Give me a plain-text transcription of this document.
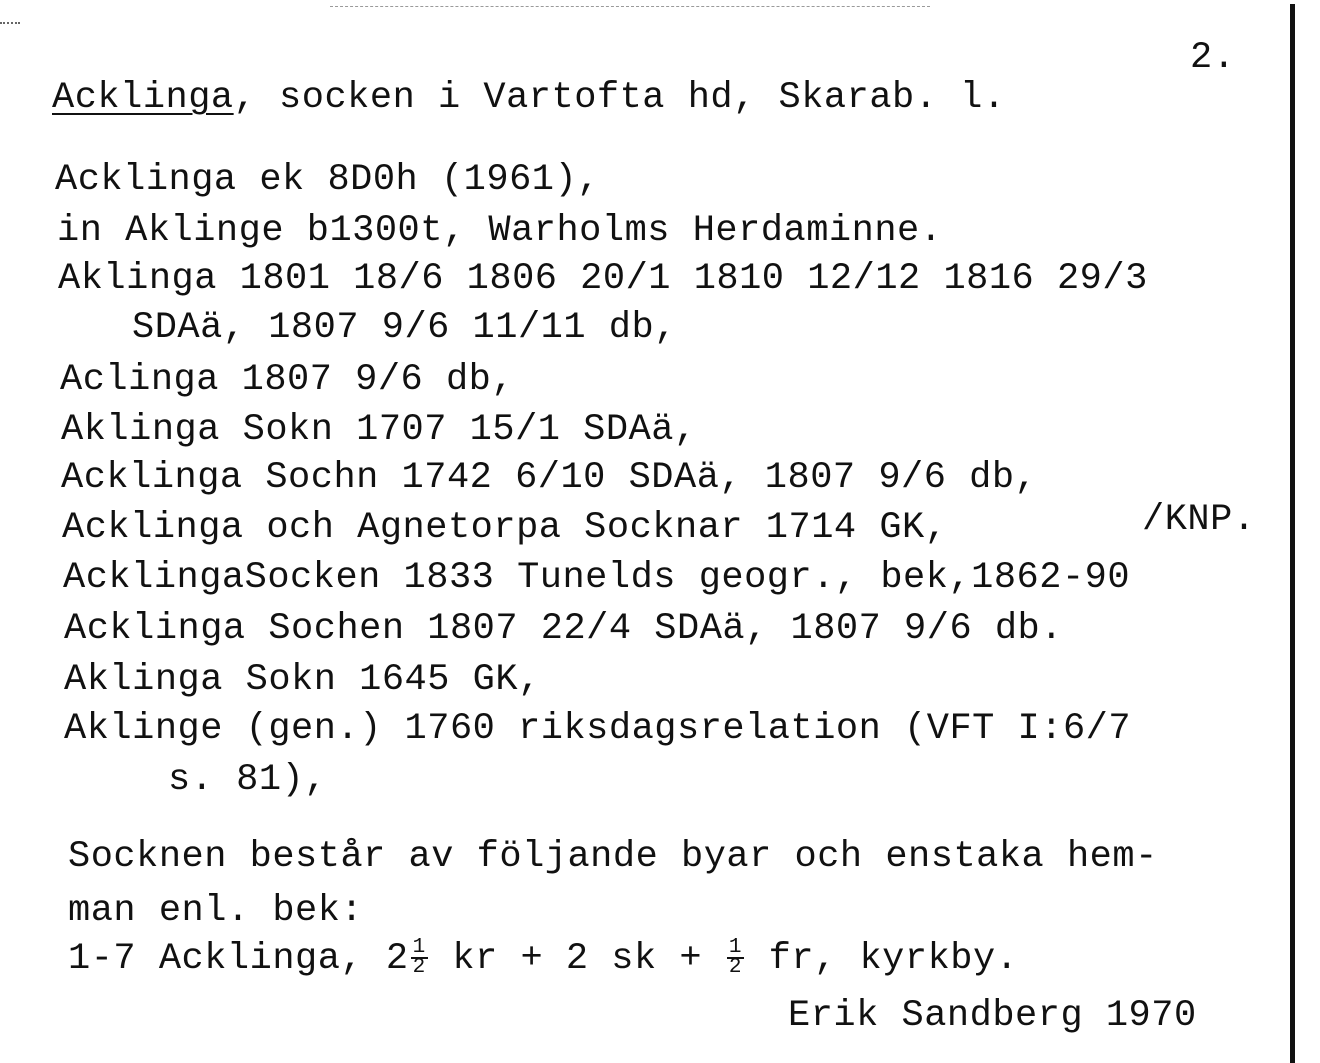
2.
Acklinga, socken i Vartofta hd, Skarab. l.
Acklinga ek 8D0h (1961),
in Aklinge b1300t, Warholms Herdaminne.
Aklinga 1801 18/6 1806 20/1 1810 12/12 1816 29/3
SDAä, 1807 9/6 11/11 db,
Aclinga 1807 9/6 db,
Aklinga Sokn 1707 15/1 SDAä,
Acklinga Sochn 1742 6/10 SDAä, 1807 9/6 db,
Acklinga och Agnetorpa Socknar 1714 GK,	/KNP.
AcklingaSocken 1833 Tunelds geogr., bek,1862-90
Acklinga Sochen 1807 22/4 SDAä, 1807 9/6 db.
Aklinga Sokn 1645 GK,
Aklinge (gen.) 1760 riksdagsrelation (VFT I:6/7
s. 81),
Socknen består av följande byar och enstaka hem-
man enl. bek:
1-7 Acklinga, $2 \frac{1}{2}$ kr + 2 sk + $\frac{1}{2}$ fr, kyrkby.
Erik Sandberg 1970
